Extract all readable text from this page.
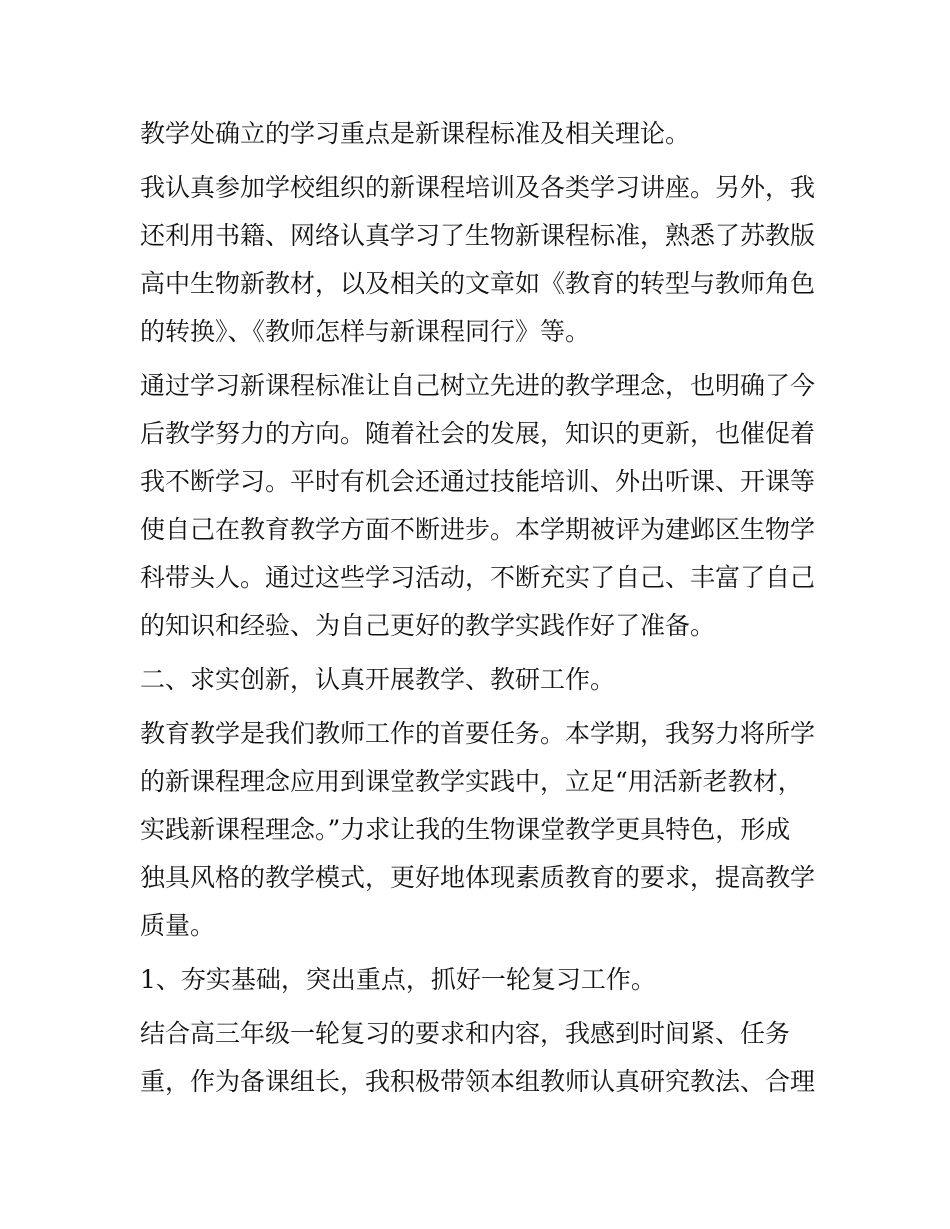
教学处确立的学习重点是新课程标准及相关理论。

我认真参加学校组织的新课程培训及各类学习讲座。另外，我

还利用书籍、网络认真学习了生物新课程标准，熟悉了苏教版

高中生物新教材，以及相关的文章如《教育的转型与教师角色

的转换》、《教师怎样与新课程同行》等。

通过学习新课程标准让自己树立先进的教学理念，也明确了今

后教学努力的方向。随着社会的发展，知识的更新，也催促着

我不断学习。平时有机会还通过技能培训、外出听课、开课等

使自己在教育教学方面不断进步。本学期被评为建邺区生物学

科带头人。通过这些学习活动，不断充实了自己、丰富了自己

的知识和经验、为自己更好的教学实践作好了准备。

二、求实创新，认真开展教学、教研工作。

教育教学是我们教师工作的首要任务。本学期，我努力将所学

的新课程理念应用到课堂教学实践中，立足“用活新老教材，

实践新课程理念。”力求让我的生物课堂教学更具特色，形成

独具风格的教学模式，更好地体现素质教育的要求，提高教学

质量。

1、夯实基础，突出重点，抓好一轮复习工作。

结合高三年级一轮复习的要求和内容，我感到时间紧、任务

重，作为备课组长，我积极带领本组教师认真研究教法、合理
